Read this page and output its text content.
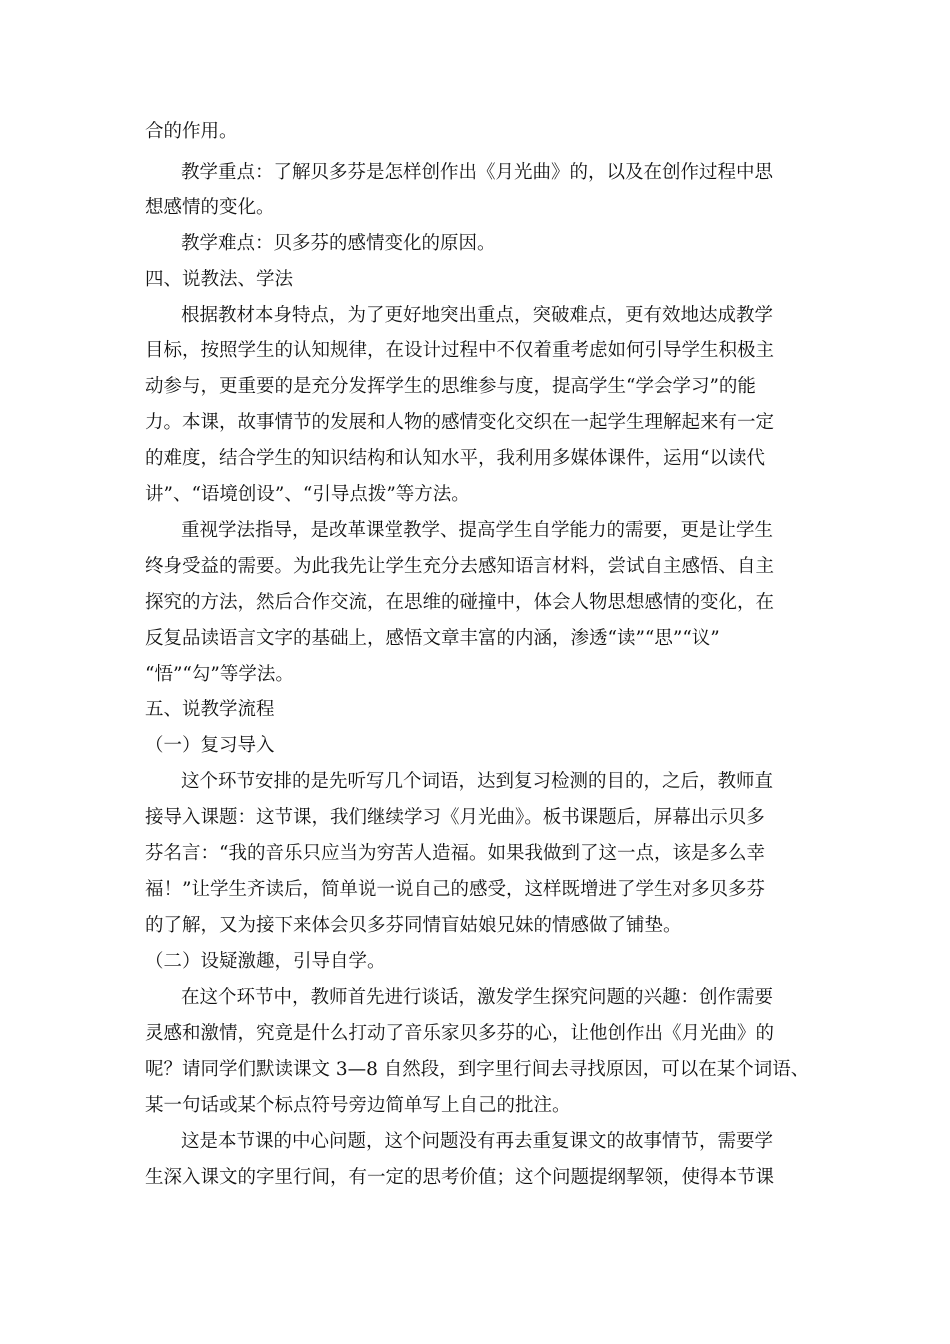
合的作用。
教学重点：了解贝多芬是怎样创作出《月光曲》的，以及在创作过程中思
想感情的变化。
教学难点：贝多芬的感情变化的原因。
四、说教法、学法
根据教材本身特点，为了更好地突出重点，突破难点，更有效地达成教学
目标，按照学生的认知规律，在设计过程中不仅着重考虑如何引导学生积极主
动参与，更重要的是充分发挥学生的思维参与度，提高学生“学会学习”的能
力。本课，故事情节的发展和人物的感情变化交织在一起学生理解起来有一定
的难度，结合学生的知识结构和认知水平，我利用多媒体课件，运用“以读代
讲”、“语境创设”、“引导点拨”等方法。
重视学法指导，是改革课堂教学、提高学生自学能力的需要，更是让学生
终身受益的需要。为此我先让学生充分去感知语言材料，尝试自主感悟、自主
探究的方法，然后合作交流，在思维的碰撞中，体会人物思想感情的变化，在
反复品读语言文字的基础上，感悟文章丰富的内涵，渗透“读”“思”“议”
“悟”“勾”等学法。
五、说教学流程
（一）复习导入
这个环节安排的是先听写几个词语，达到复习检测的目的，之后，教师直
接导入课题：这节课，我们继续学习《月光曲》。板书课题后，屏幕出示贝多
芬名言：“我的音乐只应当为穷苦人造福。如果我做到了这一点，该是多么幸
福！”让学生齐读后，简单说一说自己的感受，这样既增进了学生对多贝多芬
的了解，又为接下来体会贝多芬同情盲姑娘兄妹的情感做了铺垫。
（二）设疑激趣，引导自学。
在这个环节中，教师首先进行谈话，激发学生探究问题的兴趣：创作需要
灵感和激情，究竟是什么打动了音乐家贝多芬的心，让他创作出《月光曲》的
呢？请同学们默读课文 3—8 自然段，到字里行间去寻找原因，可以在某个词语、
某一句话或某个标点符号旁边简单写上自己的批注。
这是本节课的中心问题，这个问题没有再去重复课文的故事情节，需要学
生深入课文的字里行间，有一定的思考价值；这个问题提纲挈领，使得本节课
